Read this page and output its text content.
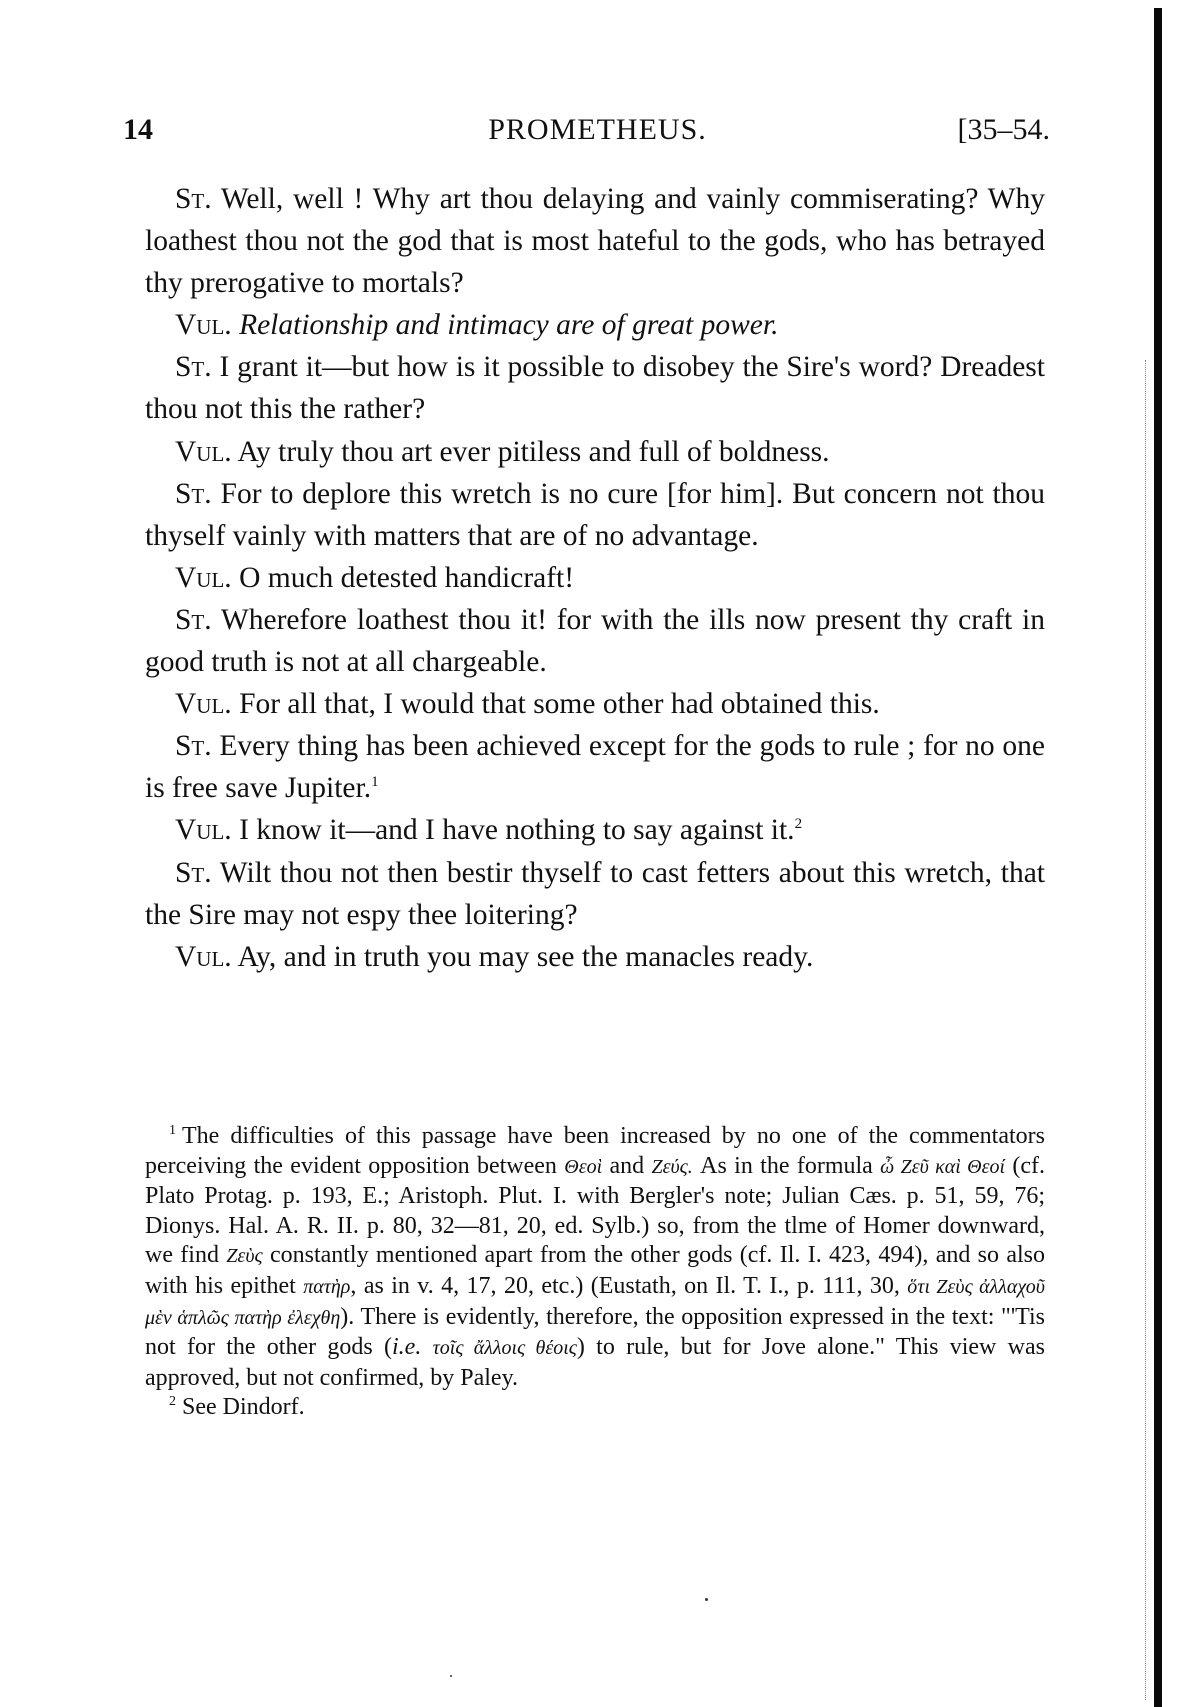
14	PROMETHEUS.	[35–54.

St. Well, well ! Why art thou delaying and vainly commiserating? Why loathest thou not the god that is most hateful to the gods, who has betrayed thy prerogative to mortals?

Vul. Relationship and intimacy are of great power.

St. I grant it—but how is it possible to disobey the Sire's word? Dreadest thou not this the rather?

Vul. Ay truly thou art ever pitiless and full of boldness.

St. For to deplore this wretch is no cure [for him]. But concern not thou thyself vainly with matters that are of no advantage.

Vul. O much detested handicraft!

St. Wherefore loathest thou it! for with the ills now present thy craft in good truth is not at all chargeable.

Vul. For all that, I would that some other had obtained this.

St. Every thing has been achieved except for the gods to rule ; for no one is free save Jupiter.$^1$

Vul. I know it—and I have nothing to say against it.$^2$

St. Wilt thou not then bestir thyself to cast fetters about this wretch, that the Sire may not espy thee loitering?

Vul. Ay, and in truth you may see the manacles ready.

$^1$ The difficulties of this passage have been increased by no one of the commentators perceiving the evident opposition between Θεοὶ and Ζεύς. As in the formula ὦ Ζεῦ καὶ Θεοί (cf. Plato Protag. p. 193, E.; Aristoph. Plut. I. with Bergler's note; Julian Cæs. p. 51, 59, 76; Dionys. Hal. A. R. II. p. 80, 32—81, 20, ed. Sylb.) so, from the tlme of Homer downward, we find Ζεὺς constantly mentioned apart from the other gods (cf. Il. I. 423, 494), and so also with his epithet πατὴρ, as in v. 4, 17, 20, etc.) (Eustath, on Il. T. I., p. 111, 30, ὅτι Ζεὺς ἀλλαχοῦ μὲν ἁπλῶς πατὴρ ἐλεχθη). There is evidently, therefore, the opposition expressed in the text: "'Tis not for the other gods (i.e. τοῖς ἄλλοις θέοις) to rule, but for Jove alone." This view was approved, but not confirmed, by Paley.

$^2$ See Dindorf.
